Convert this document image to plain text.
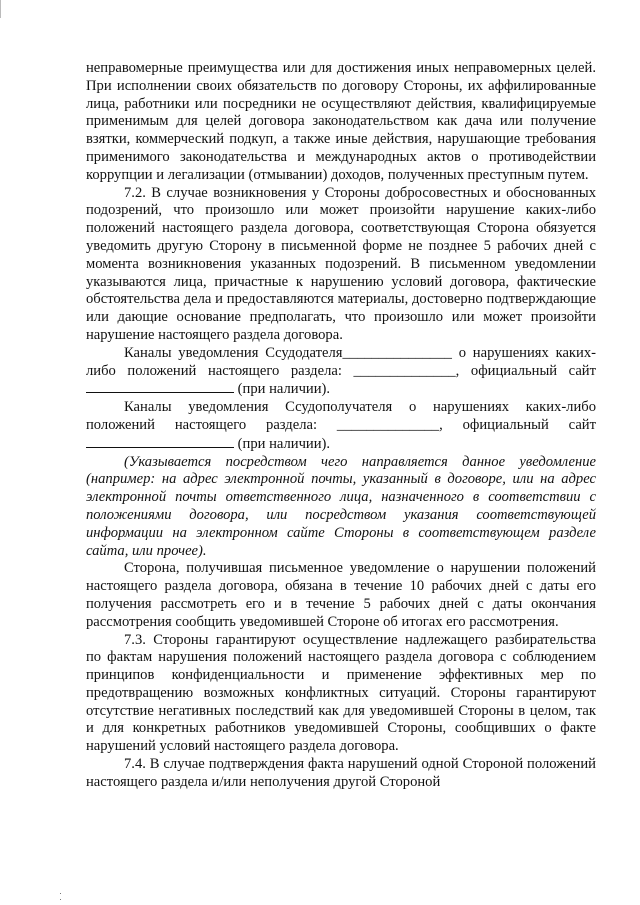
неправомерные преимущества или для достижения иных неправомерных целей. При исполнении своих обязательств по договору Стороны, их аффилированные лица, работники или посредники не осуществляют действия, квалифицируемые применимым для целей договора законодательством как дача или получение взятки, коммерческий подкуп, а также иные действия, нарушающие требования применимого законодательства и международных актов о противодействии коррупции и легализации (отмывании) доходов, полученных преступным путем.

7.2. В случае возникновения у Стороны добросовестных и обоснованных подозрений, что произошло или может произойти нарушение каких-либо положений настоящего раздела договора, соответствующая Сторона обязуется уведомить другую Сторону в письменной форме не позднее 5 рабочих дней с момента возникновения указанных подозрений. В письменном уведомлении указываются лица, причастные к нарушению условий договора, фактические обстоятельства дела и предоставляются материалы, достоверно подтверждающие или дающие основание предполагать, что произошло или может произойти нарушение настоящего раздела договора.

Каналы уведомления Ссудодателя_______________ о нарушениях каких-либо положений настоящего раздела: ______________, официальный сайт  (при наличии).

Каналы уведомления Ссудополучателя о нарушениях каких-либо положений настоящего раздела: ______________, официальный сайт  (при наличии).

(Указывается посредством чего направляется данное уведомление (например: на адрес электронной почты, указанный в договоре, или на адрес электронной почты ответственного лица, назначенного в соответствии с положениями договора, или посредством указания соответствующей информации на электронном сайте Стороны в соответствующем разделе сайта, или прочее).

Сторона, получившая письменное уведомление о нарушении положений настоящего раздела договора, обязана в течение 10 рабочих дней с даты его получения рассмотреть его и в течение 5 рабочих дней с даты окончания рассмотрения сообщить уведомившей Стороне об итогах его рассмотрения.

7.3. Стороны гарантируют осуществление надлежащего разбирательства по фактам нарушения положений настоящего раздела договора с соблюдением принципов конфиденциальности и применение эффективных мер по предотвращению возможных конфликтных ситуаций. Стороны гарантируют отсутствие негативных последствий как для уведомившей Стороны в целом, так и для конкретных работников уведомившей Стороны, сообщивших о факте нарушений условий настоящего раздела договора.

7.4. В случае подтверждения факта нарушений одной Стороной положений настоящего раздела и/или неполучения другой Стороной
